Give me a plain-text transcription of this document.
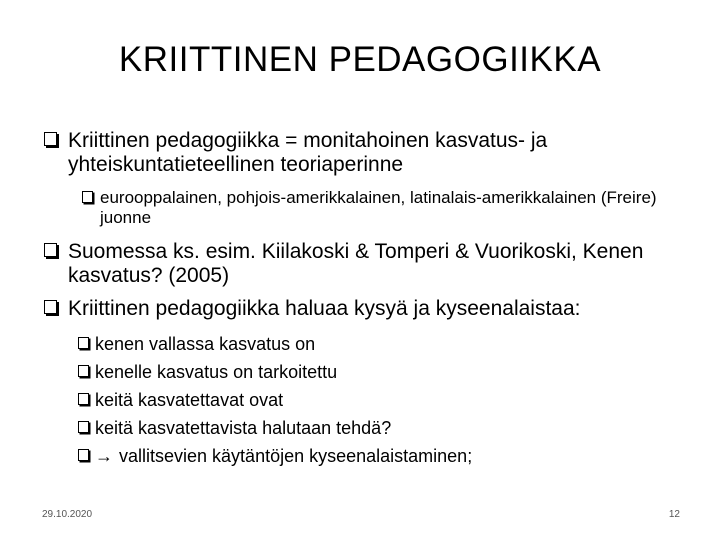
KRIITTINEN PEDAGOGIIKKA
Kriittinen pedagogiikka = monitahoinen kasvatus- ja yhteiskuntatieteellinen teoriaperinne
eurooppalainen, pohjois-amerikkalainen, latinalais-amerikkalainen (Freire) juonne
Suomessa ks. esim. Kiilakoski & Tomperi & Vuorikoski, Kenen kasvatus? (2005)
Kriittinen pedagogiikka haluaa kysyä ja kyseenalaistaa:
kenen vallassa kasvatus on
kenelle kasvatus on tarkoitettu
keitä kasvatettavat ovat
keitä kasvatettavista halutaan tehdä?
→ vallitsevien käytäntöjen kyseenalaistaminen;
29.10.2020	12
